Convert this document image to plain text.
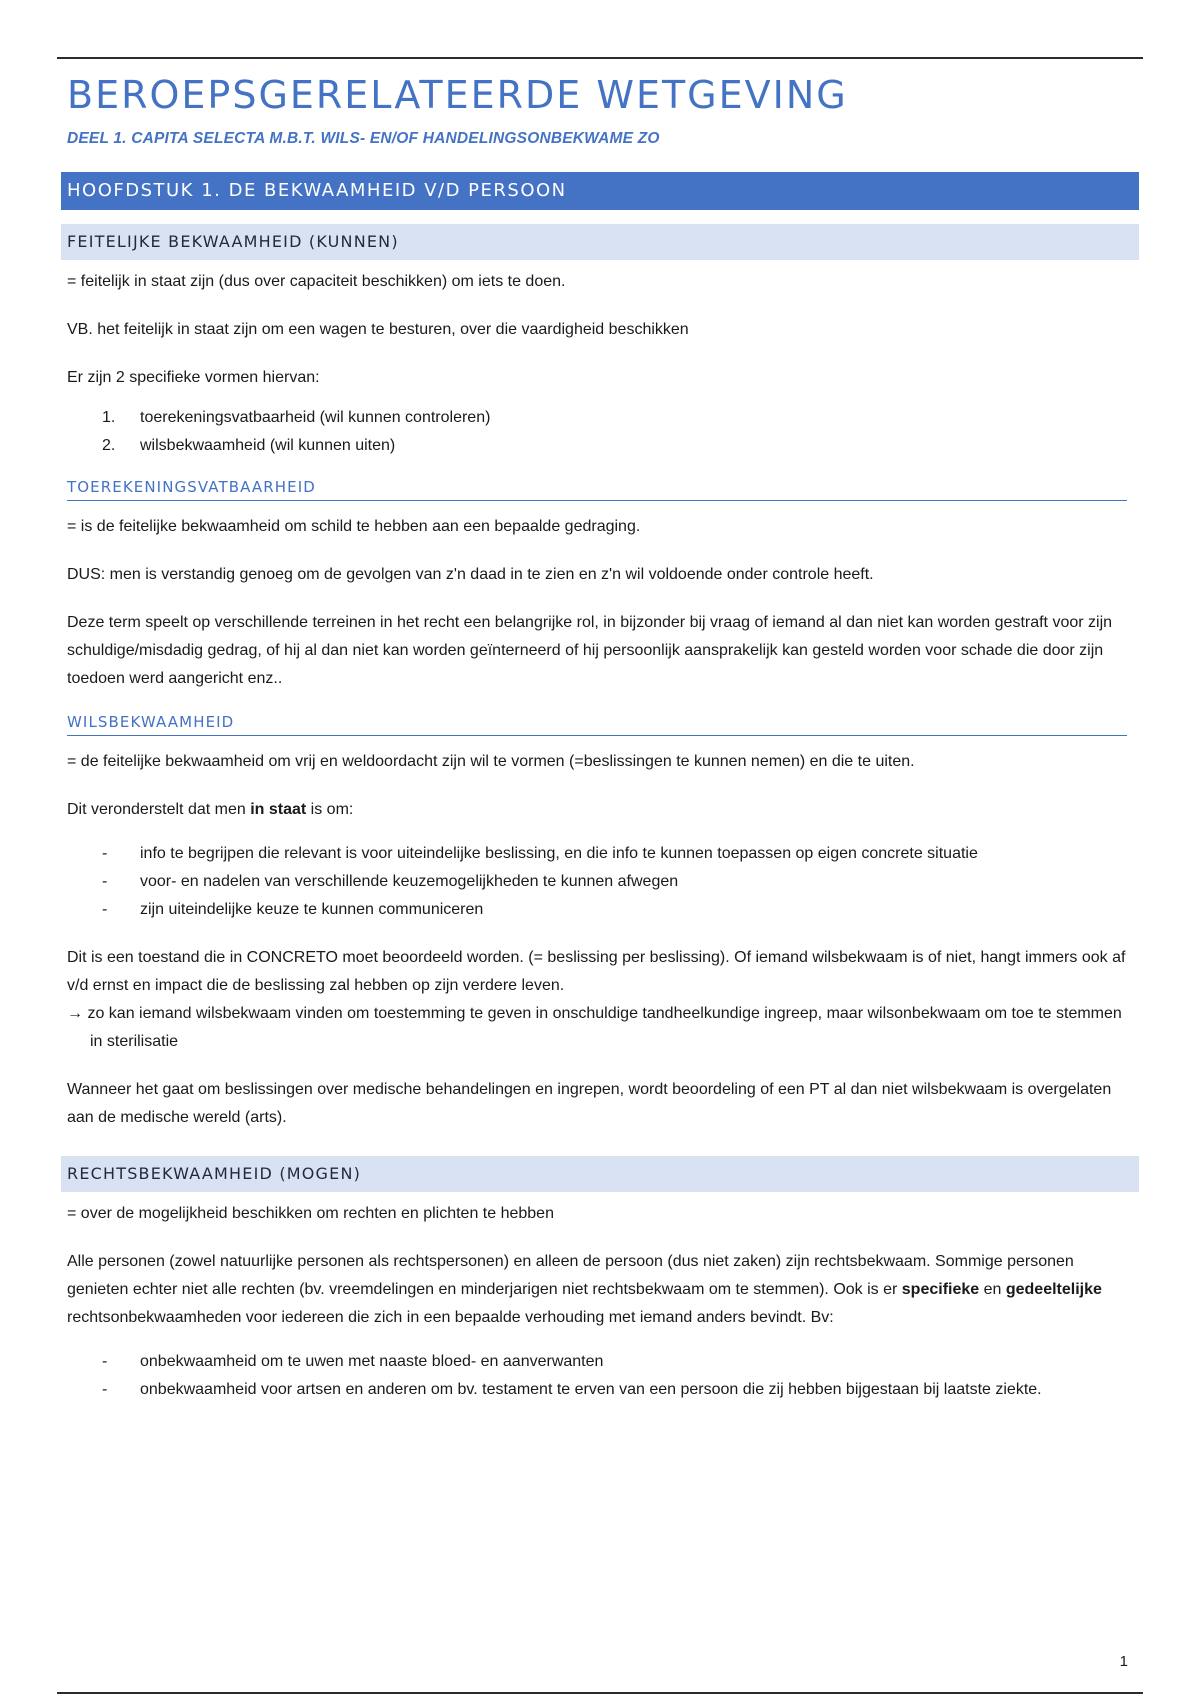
BEROEPSGERELATEERDE WETGEVING
DEEL 1. CAPITA SELECTA M.B.T. WILS- EN/OF HANDELINGSONBEKWAME ZO
HOOFDSTUK 1. DE BEKWAAMHEID V/D PERSOON
FEITELIJKE BEKWAAMHEID (KUNNEN)

= feitelijk in staat zijn (dus over capaciteit beschikken) om iets te doen.

VB. het feitelijk in staat zijn om een wagen te besturen, over die vaardigheid beschikken

Er zijn 2 specifieke vormen hiervan:

1. toerekeningsvatbaarheid (wil kunnen controleren)
2. wilsbekwaamheid (wil kunnen uiten)
TOEREKENINGSVATBAARHEID

= is de feitelijke bekwaamheid om schild te hebben aan een bepaalde gedraging.

DUS: men is verstandig genoeg om de gevolgen van z'n daad in te zien en z'n wil voldoende onder controle heeft.

Deze term speelt op verschillende terreinen in het recht een belangrijke rol, in bijzonder bij vraag of iemand al dan niet kan worden gestraft voor zijn schuldige/misdadig gedrag, of hij al dan niet kan worden geïnterneerd of hij persoonlijk aansprakelijk kan gesteld worden voor schade die door zijn toedoen werd aangericht enz..

WILSBEKWAAMHEID

= de feitelijke bekwaamheid om vrij en weldoordacht zijn wil te vormen (=beslissingen te kunnen nemen) en die te uiten.

Dit veronderstelt dat men in staat is om:

- info te begrijpen die relevant is voor uiteindelijke beslissing, en die info te kunnen toepassen op eigen concrete situatie
- voor- en nadelen van verschillende keuzemogelijkheden te kunnen afwegen
- zijn uiteindelijke keuze te kunnen communiceren

Dit is een toestand die in CONCRETO moet beoordeeld worden. (= beslissing per beslissing). Of iemand wilsbekwaam is of niet, hangt immers ook af v/d ernst en impact die de beslissing zal hebben op zijn verdere leven.

→ zo kan iemand wilsbekwaam vinden om toestemming te geven in onschuldige tandheelkundige ingreep, maar wilsonbekwaam om toe te stemmen in sterilisatie

Wanneer het gaat om beslissingen over medische behandelingen en ingrepen, wordt beoordeling of een PT al dan niet wilsbekwaam is overgelaten aan de medische wereld (arts).

RECHTSBEKWAAMHEID (MOGEN)

= over de mogelijkheid beschikken om rechten en plichten te hebben

Alle personen (zowel natuurlijke personen als rechtspersonen) en alleen de persoon (dus niet zaken) zijn rechtsbekwaam. Sommige personen genieten echter niet alle rechten (bv. vreemdelingen en minderjarigen niet rechtsbekwaam om te stemmen). Ook is er specifieke en gedeeltelijke rechtsonbekwaamheden voor iedereen die zich in een bepaalde verhouding met iemand anders bevindt. Bv:

- onbekwaamheid om te uwen met naaste bloed- en aanverwanten
- onbekwaamheid voor artsen en anderen om bv. testament te erven van een persoon die zij hebben bijgestaan bij laatste ziekte.
1
